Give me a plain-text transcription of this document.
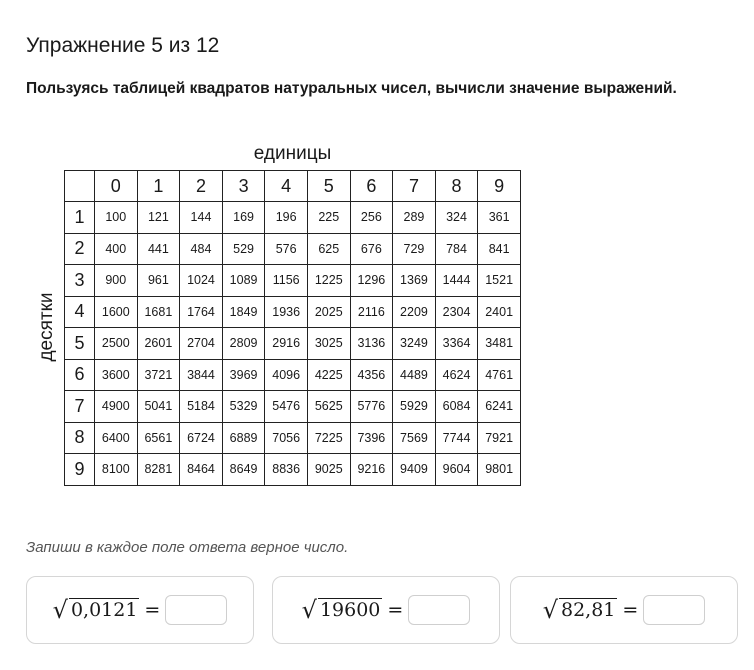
Упражнение 5 из 12
Пользуясь таблицей квадратов натуральных чисел, вычисли значение выражений.
единицы
десятки
	0	1	2	3	4	5	6	7	8	9
1	100	121	144	169	196	225	256	289	324	361
2	400	441	484	529	576	625	676	729	784	841
3	900	961	1024	1089	1156	1225	1296	1369	1444	1521
4	1600	1681	1764	1849	1936	2025	2116	2209	2304	2401
5	2500	2601	2704	2809	2916	3025	3136	3249	3364	3481
6	3600	3721	3844	3969	4096	4225	4356	4489	4624	4761
7	4900	5041	5184	5329	5476	5625	5776	5929	6084	6241
8	6400	6561	6724	6889	7056	7225	7396	7569	7744	7921
9	8100	8281	8464	8649	8836	9025	9216	9409	9604	9801
Запиши в каждое поле ответа верное число.
√ 0,0121 =	√ 19600 =	√ 82,81 =
